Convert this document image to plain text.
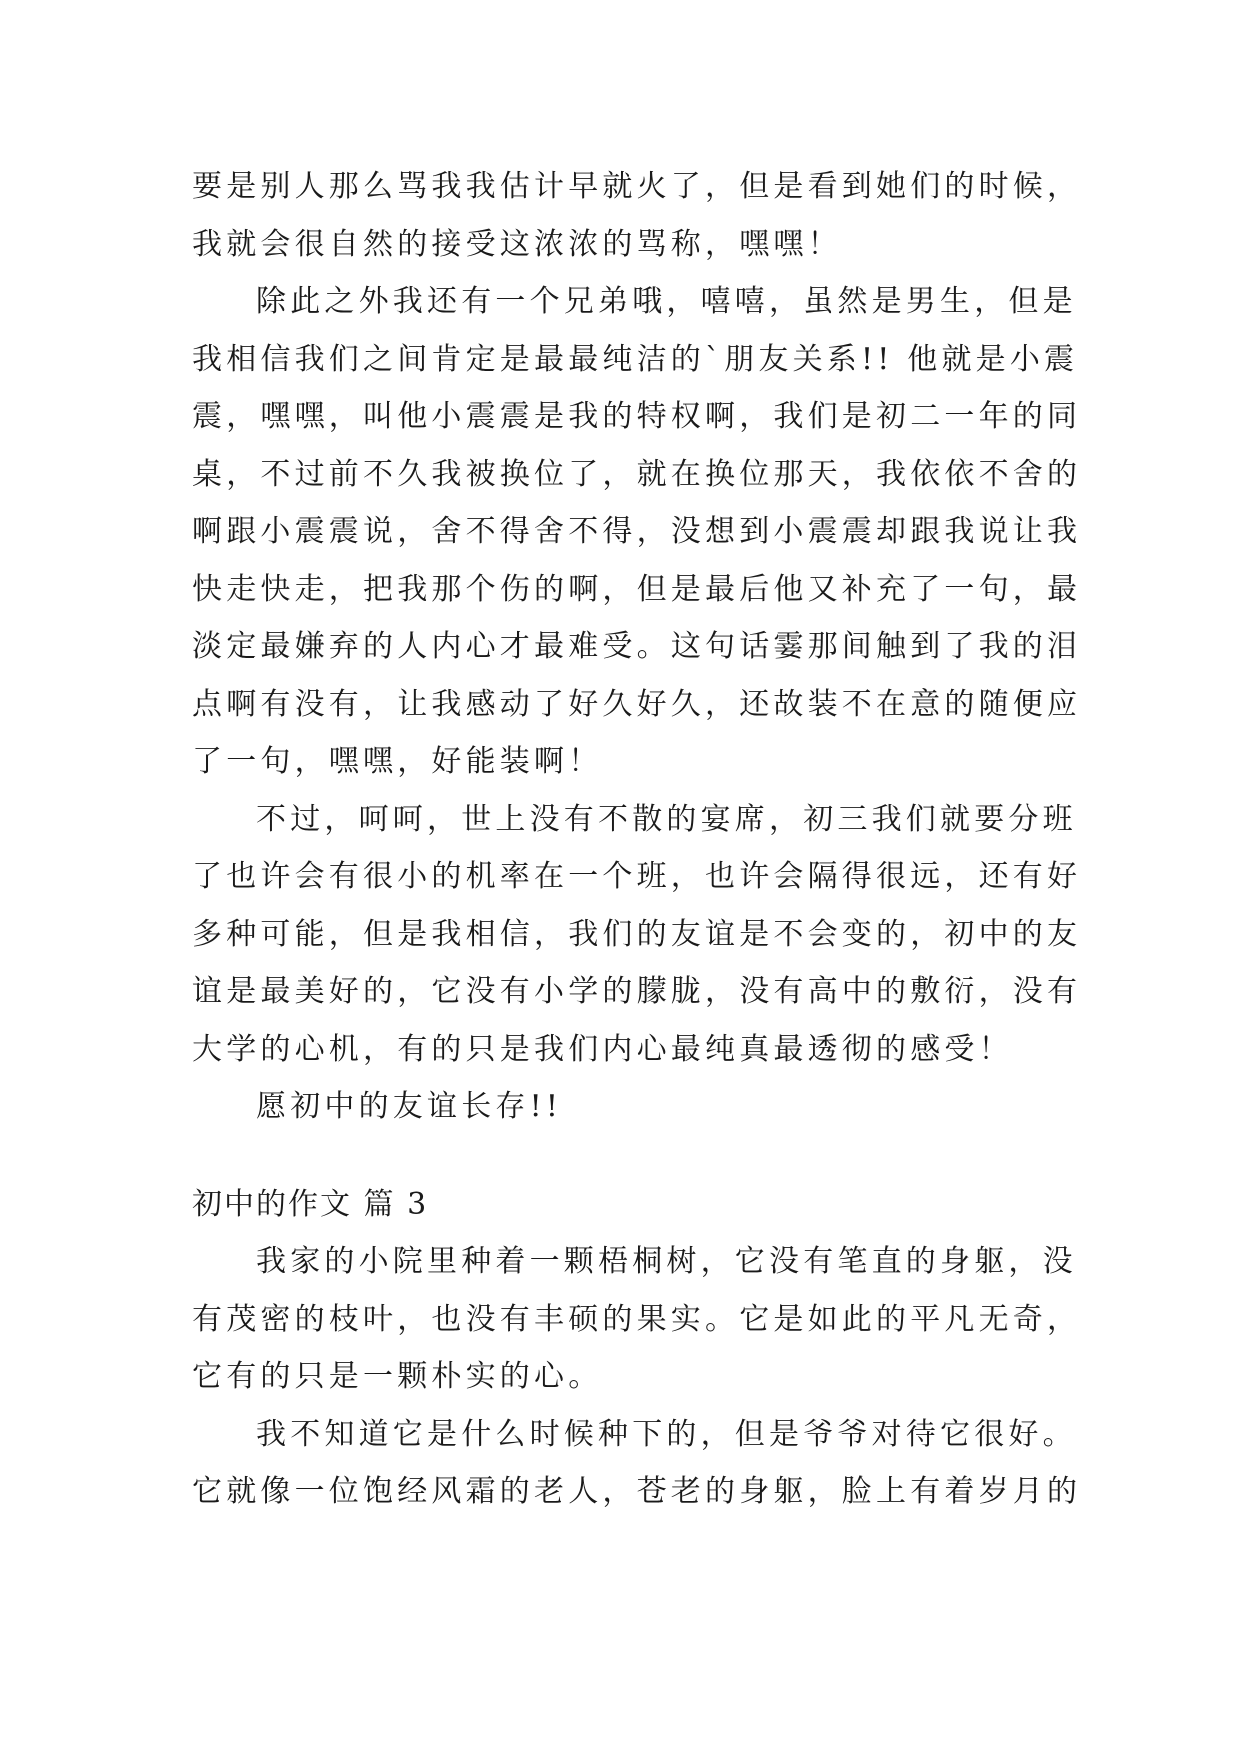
要是别人那么骂我我估计早就火了，但是看到她们的时候，
我就会很自然的接受这浓浓的骂称，嘿嘿！
除此之外我还有一个兄弟哦，嘻嘻，虽然是男生，但是
我相信我们之间肯定是最最纯洁的`朋友关系!! 他就是小震
震，嘿嘿，叫他小震震是我的特权啊，我们是初二一年的同
桌，不过前不久我被换位了，就在换位那天，我依依不舍的
啊跟小震震说，舍不得舍不得，没想到小震震却跟我说让我
快走快走，把我那个伤的啊，但是最后他又补充了一句，最
淡定最嫌弃的人内心才最难受。这句话霎那间触到了我的泪
点啊有没有，让我感动了好久好久，还故装不在意的随便应
了一句，嘿嘿，好能装啊！
不过，呵呵，世上没有不散的宴席，初三我们就要分班
了也许会有很小的机率在一个班，也许会隔得很远，还有好
多种可能，但是我相信，我们的友谊是不会变的，初中的友
谊是最美好的，它没有小学的朦胧，没有高中的敷衍，没有
大学的心机，有的只是我们内心最纯真最透彻的感受！
愿初中的友谊长存!!
初中的作文 篇 3
我家的小院里种着一颗梧桐树，它没有笔直的身躯，没
有茂密的枝叶，也没有丰硕的果实。它是如此的平凡无奇，
它有的只是一颗朴实的心。
我不知道它是什么时候种下的，但是爷爷对待它很好。
它就像一位饱经风霜的老人，苍老的身躯，脸上有着岁月的
